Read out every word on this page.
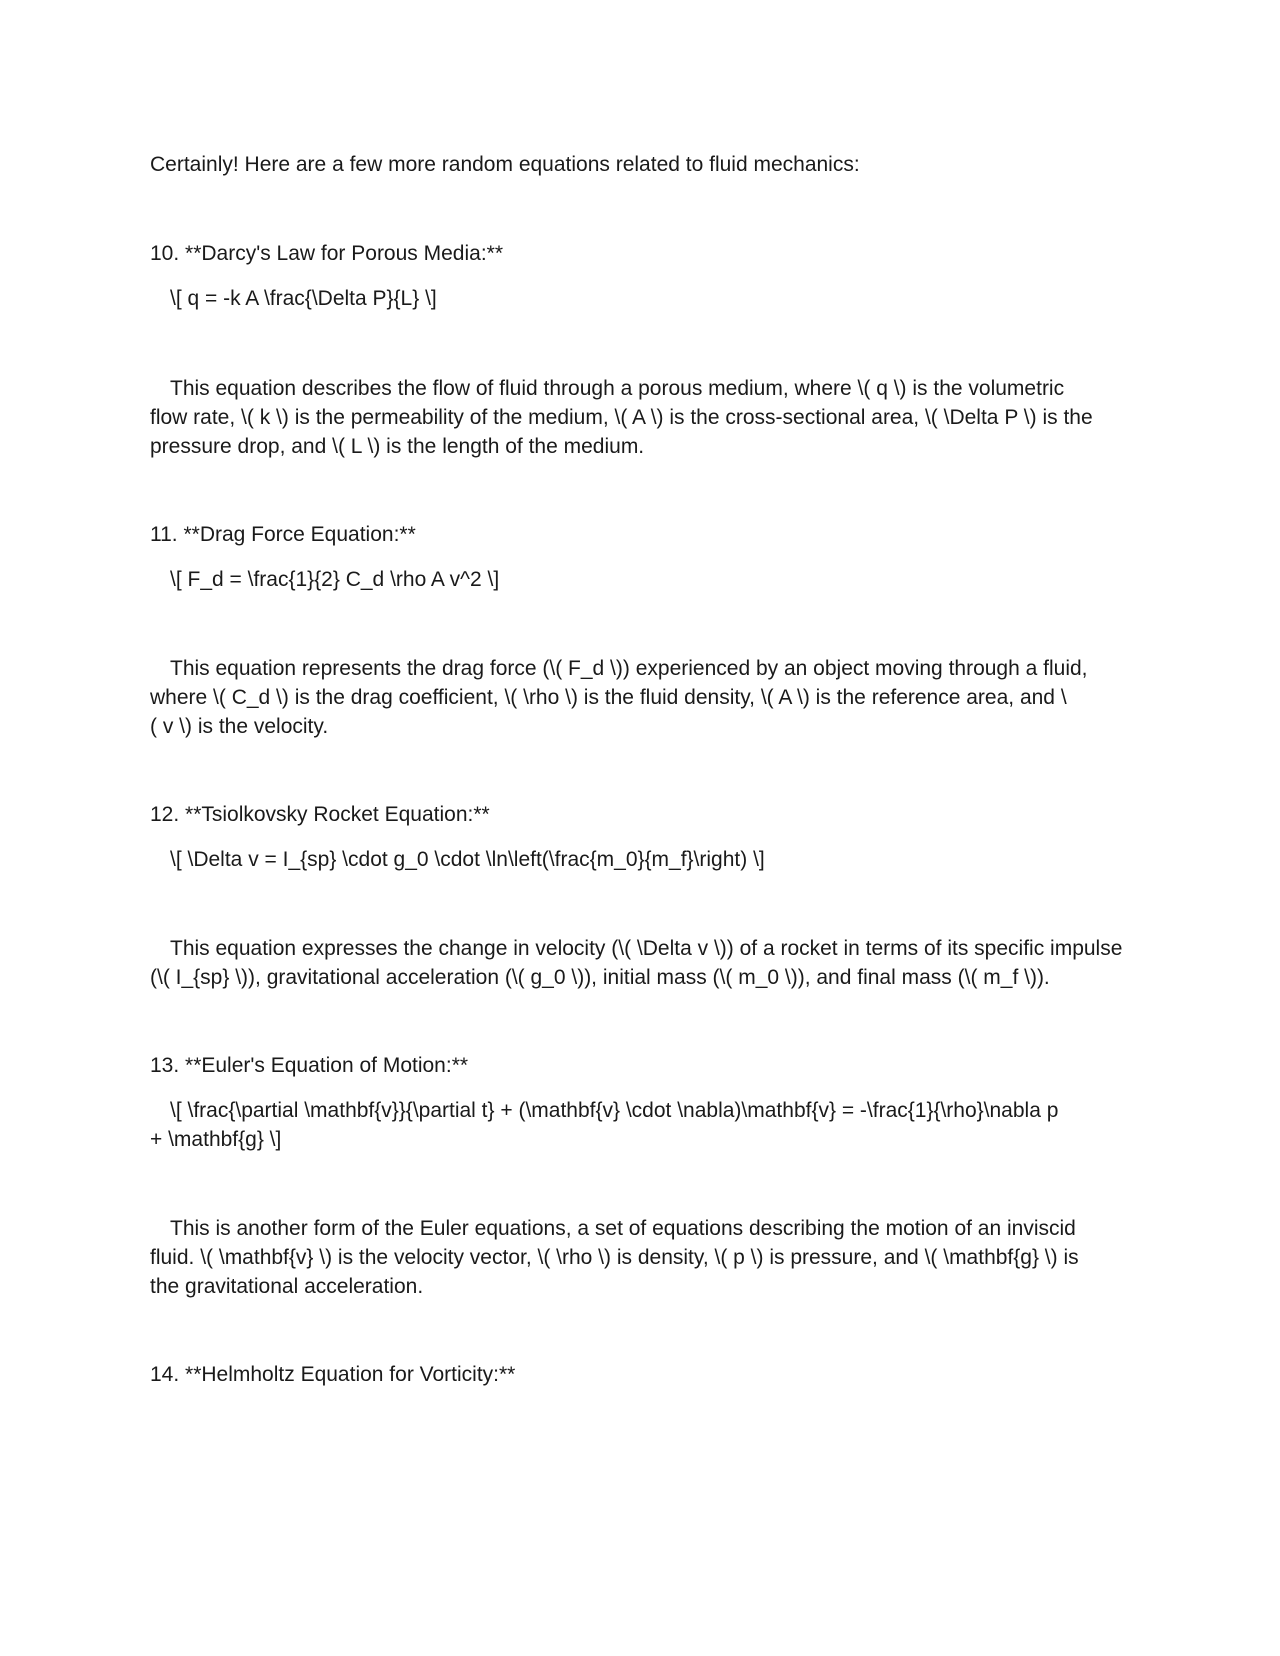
Certainly! Here are a few more random equations related to fluid mechanics:
10. **Darcy's Law for Porous Media:**
\[ q = -k A \frac{\Delta P}{L} \]
This equation describes the flow of fluid through a porous medium, where \( q \) is the volumetric
flow rate, \( k \) is the permeability of the medium, \( A \) is the cross-sectional area, \( \Delta P \) is the
pressure drop, and \( L \) is the length of the medium.
11. **Drag Force Equation:**
\[ F_d = \frac{1}{2} C_d \rho A v^2 \]
This equation represents the drag force (\( F_d \)) experienced by an object moving through a fluid,
where \( C_d \) is the drag coefficient, \( \rho \) is the fluid density, \( A \) is the reference area, and \
( v \) is the velocity.
12. **Tsiolkovsky Rocket Equation:**
\[ \Delta v = I_{sp} \cdot g_0 \cdot \ln\left(\frac{m_0}{m_f}\right) \]
This equation expresses the change in velocity (\( \Delta v \)) of a rocket in terms of its specific impulse
(\( I_{sp} \)), gravitational acceleration (\( g_0 \)), initial mass (\( m_0 \)), and final mass (\( m_f \)).
13. **Euler's Equation of Motion:**
\[ \frac{\partial \mathbf{v}}{\partial t} + (\mathbf{v} \cdot \nabla)\mathbf{v} = -\frac{1}{\rho}\nabla p
+ \mathbf{g} \]
This is another form of the Euler equations, a set of equations describing the motion of an inviscid
fluid. \( \mathbf{v} \) is the velocity vector, \( \rho \) is density, \( p \) is pressure, and \( \mathbf{g} \) is
the gravitational acceleration.
14. **Helmholtz Equation for Vorticity:**
